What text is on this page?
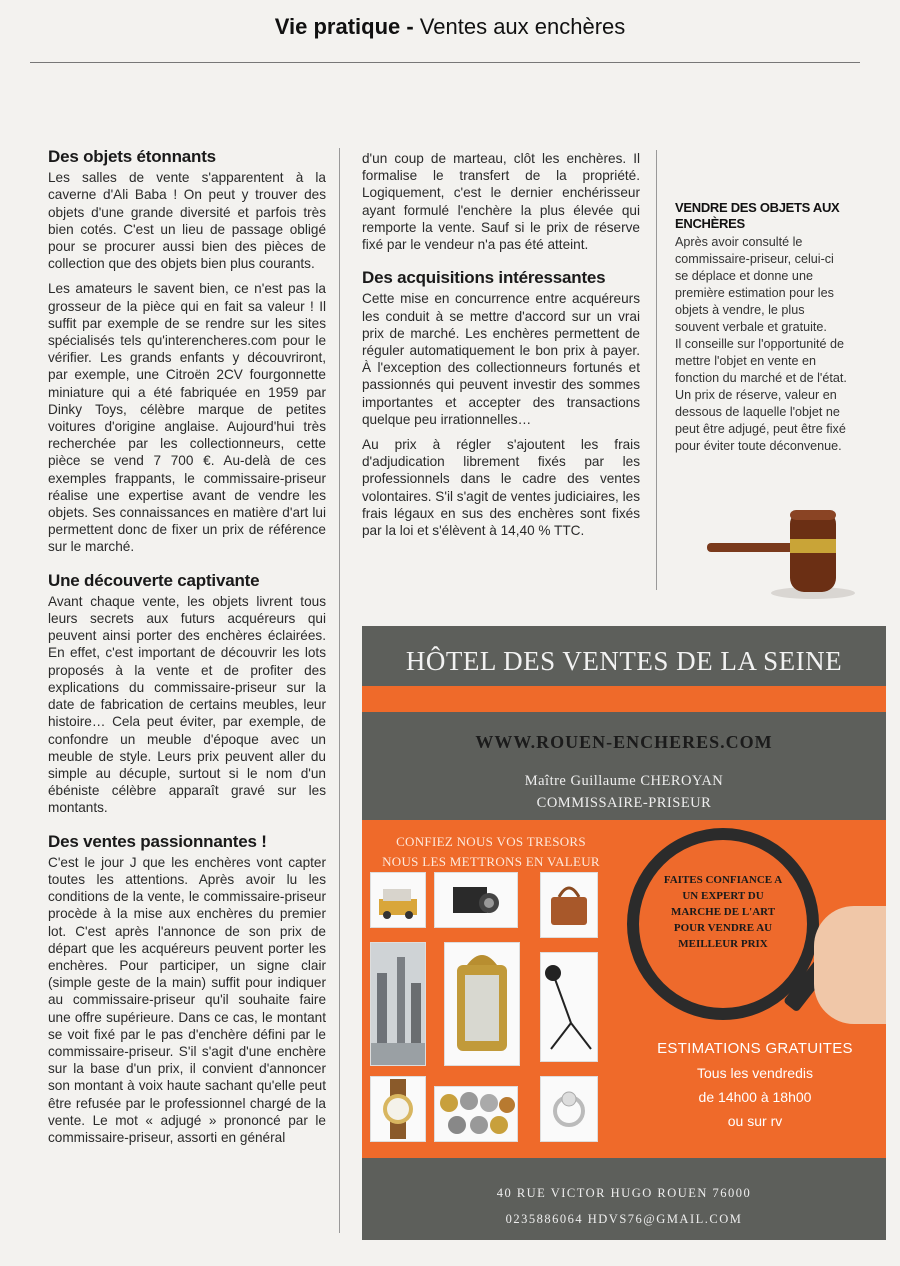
Vie pratique - Ventes aux enchères
Des objets étonnants

Les salles de vente s'apparentent à la caverne d'Ali Baba ! On peut y trouver des objets d'une grande diversité et parfois très bien cotés. C'est un lieu de passage obligé pour se procurer aussi bien des pièces de collection que des objets bien plus courants.

Les amateurs le savent bien, ce n'est pas la grosseur de la pièce qui en fait sa valeur ! Il suffit par exemple de se rendre sur les sites spécialisés tels qu'interencheres.com pour le vérifier. Les grands enfants y découvriront, par exemple, une Citroën 2CV fourgonnette miniature qui a été fabriquée en 1959 par Dinky Toys, célèbre marque de petites voitures d'origine anglaise. Aujourd'hui très recherchée par les collectionneurs, cette pièce se vend 7 700 €. Au-delà de ces exemples frappants, le commissaire-priseur réalise une expertise avant de vendre les objets. Ses connaissances en matière d'art lui permettent donc de fixer un prix de référence sur le marché.

Une découverte captivante

Avant chaque vente, les objets livrent tous leurs secrets aux futurs acquéreurs qui peuvent ainsi porter des enchères éclairées. En effet, c'est important de découvrir les lots proposés à la vente et de profiter des explications du commissaire-priseur sur la date de fabrication de certains meubles, leur histoire… Cela peut éviter, par exemple, de confondre un meuble d'époque avec un meuble de style. Leurs prix peuvent aller du simple au décuple, surtout si le nom d'un ébéniste célèbre apparaît gravé sur les montants.

Des ventes passionnantes !

C'est le jour J que les enchères vont capter toutes les attentions. Après avoir lu les conditions de la vente, le commissaire-priseur procède à la mise aux enchères du premier lot. C'est après l'annonce de son prix de départ que les acquéreurs peuvent porter les enchères. Pour participer, un signe clair (simple geste de la main) suffit pour indiquer au commissaire-priseur qu'il souhaite faire une offre supérieure. Dans ce cas, le montant se voit fixé par le pas d'enchère défini par le commissaire-priseur. S'il s'agit d'une enchère sur la base d'un prix, il convient d'annoncer son montant à voix haute sachant qu'elle peut être refusée par le professionnel chargé de la vente. Le mot « adjugé » prononcé par le commissaire-priseur, assorti en général

d'un coup de marteau, clôt les enchères. Il formalise le transfert de la propriété. Logiquement, c'est le dernier enchérisseur ayant formulé l'enchère la plus élevée qui remporte la vente. Sauf si le prix de réserve fixé par le vendeur n'a pas été atteint.

Des acquisitions intéressantes

Cette mise en concurrence entre acquéreurs les conduit à se mettre d'accord sur un vrai prix de marché. Les enchères permettent de réguler automatiquement le bon prix à payer. À l'exception des collectionneurs fortunés et passionnés qui peuvent investir des sommes importantes et accepter des transactions quelque peu irrationnelles…

Au prix à régler s'ajoutent les frais d'adjudication librement fixés par les professionnels dans le cadre des ventes volontaires. S'il s'agit de ventes judiciaires, les frais légaux en sus des enchères sont fixés par la loi et s'élèvent à 14,40 % TTC.

VENDRE DES OBJETS AUX ENCHÈRES

Après avoir consulté le commissaire-priseur, celui-ci se déplace et donne une première estimation pour les objets à vendre, le plus souvent verbale et gratuite.

Il conseille sur l'opportunité de mettre l'objet en vente en fonction du marché et de l'état.

Un prix de réserve, valeur en dessous de laquelle l'objet ne peut être adjugé, peut être fixé pour éviter toute déconvenue.

HÔTEL DES VENTES DE LA SEINE
WWW.ROUEN-ENCHERES.COM
Maître Guillaume CHEROYAN
COMMISSAIRE-PRISEUR
CONFIEZ NOUS VOS TRESORS
NOUS LES METTRONS EN VALEUR
FAITES CONFIANCE A UN EXPERT DU MARCHE DE L'ART POUR VENDRE AU MEILLEUR PRIX
ESTIMATIONS GRATUITES
Tous les vendredis
de 14h00 à 18h00
ou sur rv
40 RUE VICTOR HUGO ROUEN 76000
0235886064 HDVS76@GMAIL.COM
